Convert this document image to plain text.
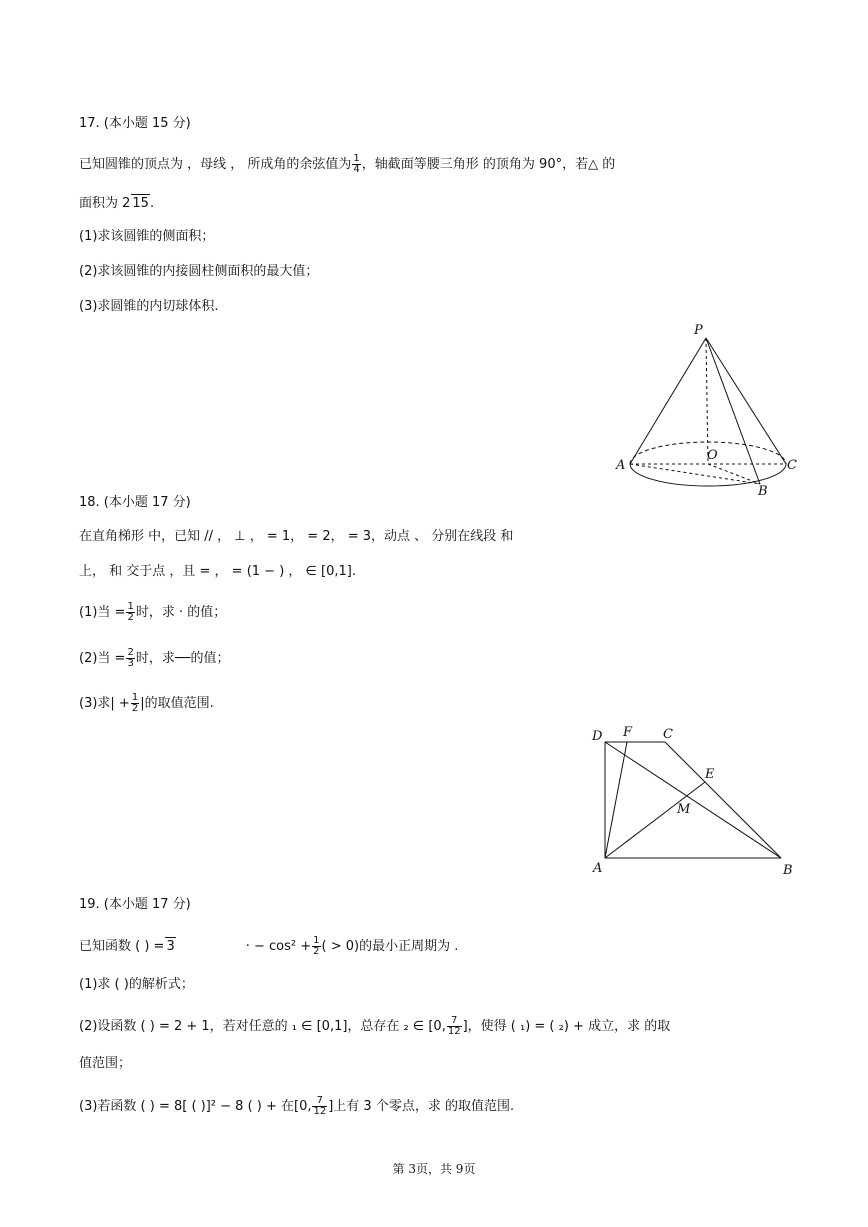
17. (本小题 15 分)
已知圆锥的顶点为 ，母线 ， 所成角的余弦值为 $\frac{1}{4}$ ，轴截面等腰三角形 的顶角为 90°，若△ 的
面积为 2 15.
(1)求该圆锥的侧面积；
(2)求该圆锥的内接圆柱侧面积的最大值；
(3)求圆锥的内切球体积.
P
O
A	C
B
18. (本小题 17 分)
在直角梯形 中，已知 // ， ⊥ ， = 1， = 2， = 3，动点 、 分别在线段 和
上， 和 交于点 ，且 = ， = (1 − ) ， ∈ [0,1].
(1)当 = $\frac{1}{2}$ 时，求 · 的值；
(2)当 = $\frac{2}{3}$ 时，求──的值；
(3)求| + $\frac{1}{2}$ |的取值范围.
D F C
E
M
A	B
19. (本小题 17 分)
已知函数 ( ) = 3	· − $\cos^2 + \frac{1}{2}$ ( > 0)的最小正周期为 .
(1)求 ( )的解析式；
(2)设函数 ( ) = 2 + 1，若对任意的 ₁ ∈ [0,1]，总存在 ₂ ∈ [0, $\frac{7}{12}$ ]，使得 ( ₁) = ( ₂) + 成立，求 的取
值范围；
(3)若函数 ( ) = 8[ ( )]² − 8 ( ) + 在[0, $\frac{7}{12}$ ]上有 3 个零点，求 的取值范围.
第 3页，共 9页
